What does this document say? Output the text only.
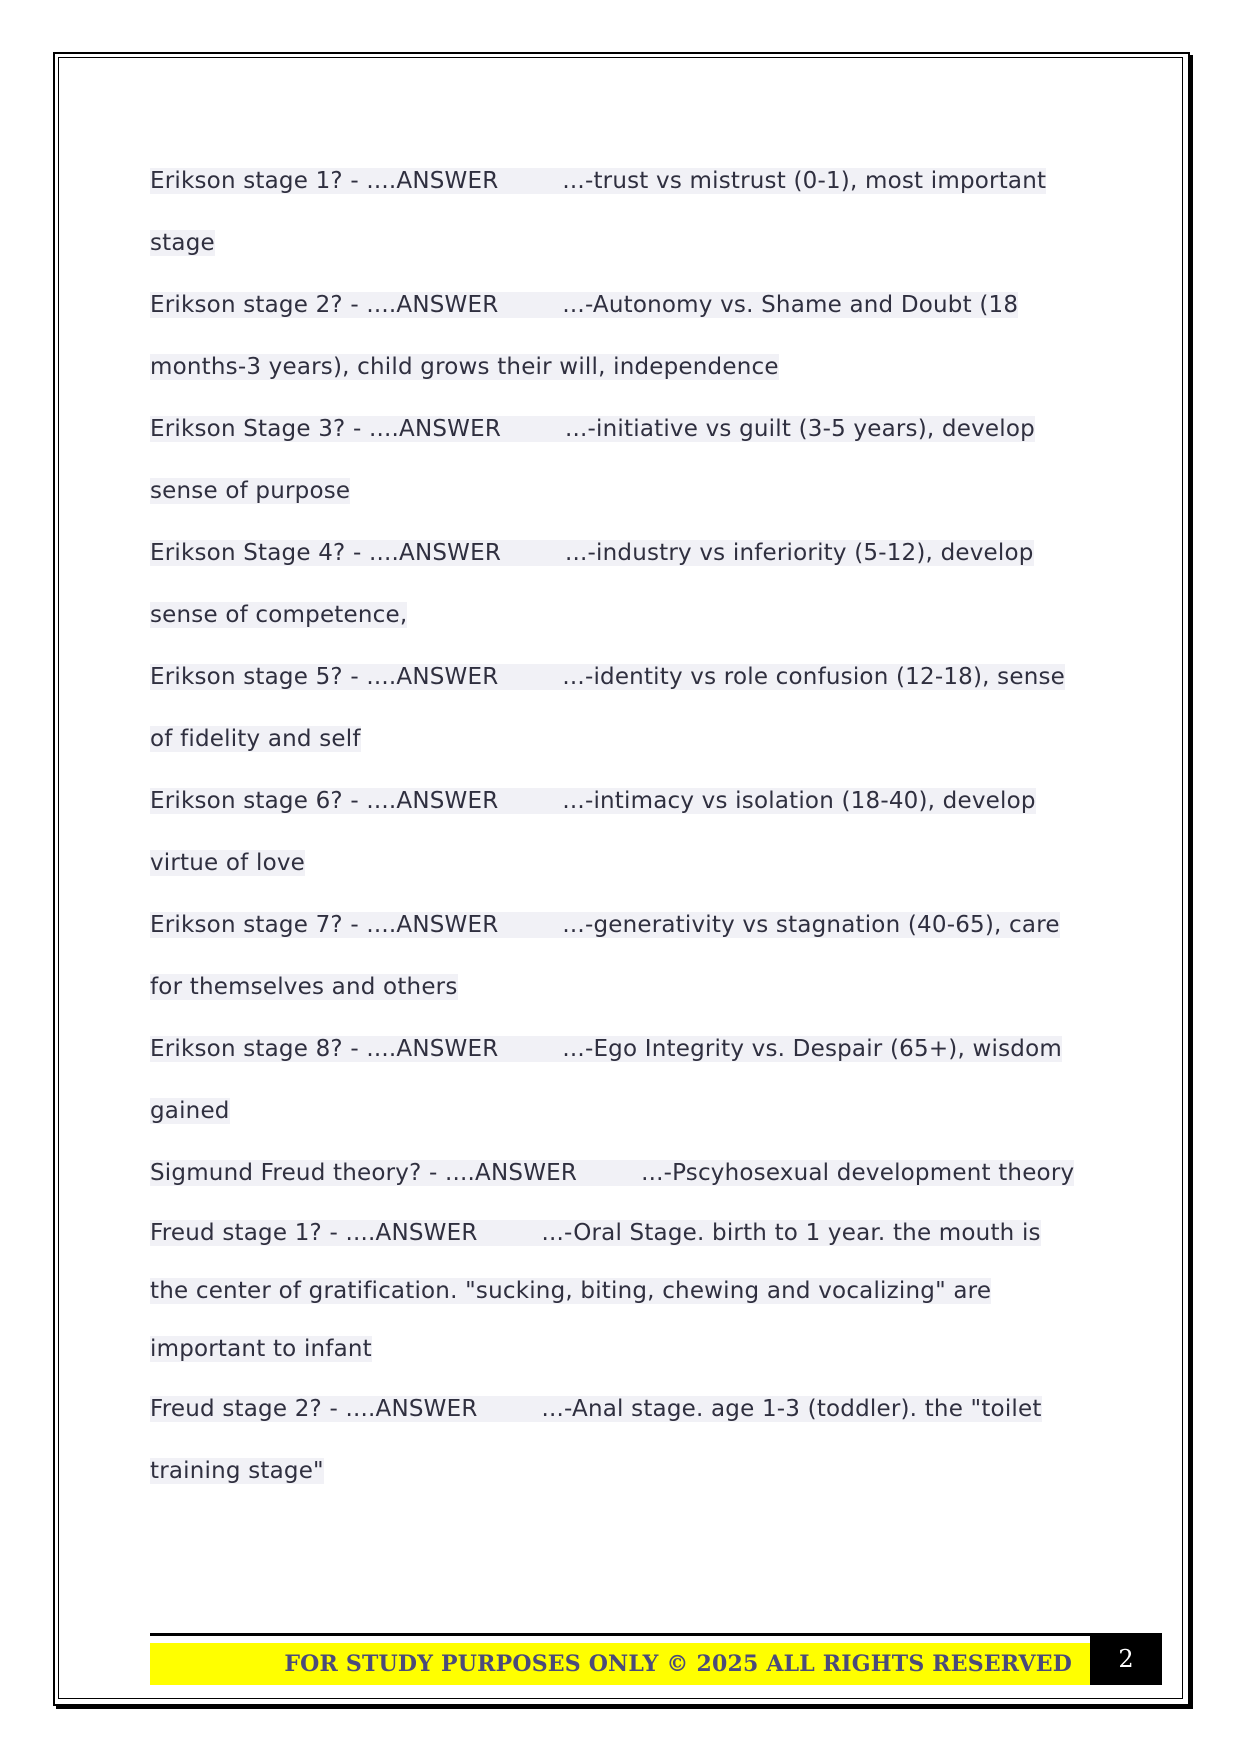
Erikson stage 1? - ....ANSWER	...-trust vs mistrust (0-1), most important stage
Erikson stage 2? - ....ANSWER	...-Autonomy vs. Shame and Doubt (18 months-3 years), child grows their will, independence
Erikson Stage 3? - ....ANSWER	...-initiative vs guilt (3-5 years), develop sense of purpose
Erikson Stage 4? - ....ANSWER	...-industry vs inferiority (5-12), develop sense of competence,
Erikson stage 5? - ....ANSWER	...-identity vs role confusion (12-18), sense of fidelity and self
Erikson stage 6? - ....ANSWER	...-intimacy vs isolation (18-40), develop virtue of love
Erikson stage 7? - ....ANSWER	...-generativity vs stagnation (40-65), care for themselves and others
Erikson stage 8? - ....ANSWER	...-Ego Integrity vs. Despair (65+), wisdom gained
Sigmund Freud theory? - ....ANSWER	...-Pscyhosexual development theory
Freud stage 1? - ....ANSWER	...-Oral Stage. birth to 1 year. the mouth is the center of gratification. "sucking, biting, chewing and vocalizing" are important to infant
Freud stage 2? - ....ANSWER	...-Anal stage. age 1-3 (toddler). the "toilet training stage"
FOR STUDY PURPOSES ONLY © 2025 ALL RIGHTS RESERVED	2
